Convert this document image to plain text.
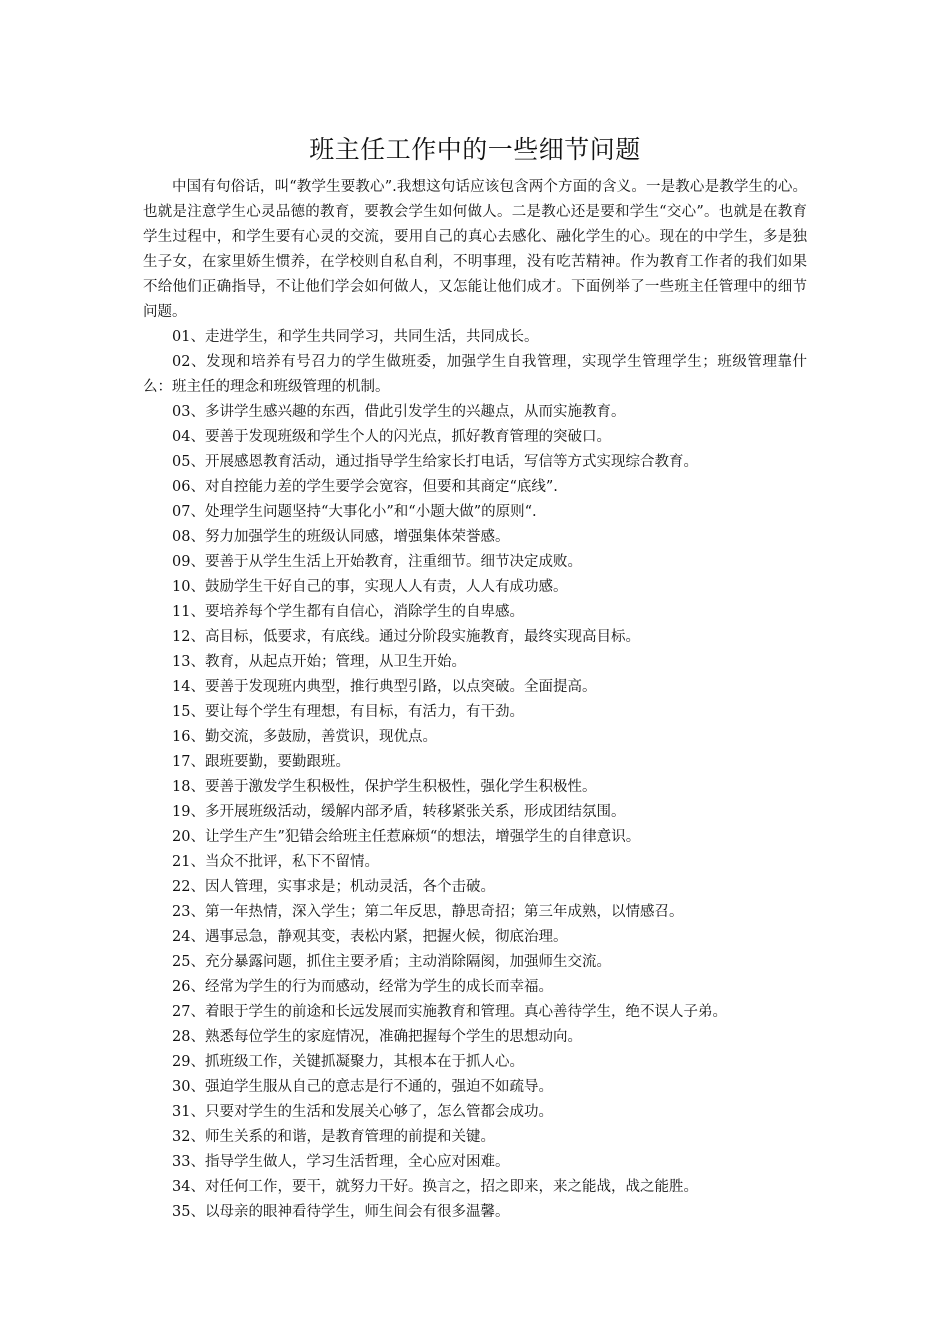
班主任工作中的一些细节问题

中国有句俗话，叫“教学生要教心”.我想这句话应该包含两个方面的含义。一是教心是教学生的心。也就是注意学生心灵品德的教育，要教会学生如何做人。二是教心还是要和学生“交心”。也就是在教育学生过程中，和学生要有心灵的交流，要用自己的真心去感化、融化学生的心。现在的中学生，多是独生子女，在家里娇生惯养，在学校则自私自利，不明事理，没有吃苦精神。作为教育工作者的我们如果不给他们正确指导，不让他们学会如何做人，又怎能让他们成才。下面例举了一些班主任管理中的细节问题。

01、走进学生，和学生共同学习，共同生活，共同成长。

02、发现和培养有号召力的学生做班委，加强学生自我管理，实现学生管理学生；班级管理靠什么：班主任的理念和班级管理的机制。

03、多讲学生感兴趣的东西，借此引发学生的兴趣点，从而实施教育。

04、要善于发现班级和学生个人的闪光点，抓好教育管理的突破口。

05、开展感恩教育活动，通过指导学生给家长打电话，写信等方式实现综合教育。

06、对自控能力差的学生要学会宽容，但要和其商定“底线”.

07、处理学生问题坚持“大事化小”和“小题大做”的原则“.

08、努力加强学生的班级认同感，增强集体荣誉感。

09、要善于从学生生活上开始教育，注重细节。细节决定成败。

10、鼓励学生干好自己的事，实现人人有责，人人有成功感。

11、要培养每个学生都有自信心，消除学生的自卑感。

12、高目标，低要求，有底线。通过分阶段实施教育，最终实现高目标。

13、教育，从起点开始；管理，从卫生开始。

14、要善于发现班内典型，推行典型引路，以点突破。全面提高。

15、要让每个学生有理想，有目标，有活力，有干劲。

16、勤交流，多鼓励，善赏识，现优点。

17、跟班要勤，要勤跟班。

18、要善于激发学生积极性，保护学生积极性，强化学生积极性。

19、多开展班级活动，缓解内部矛盾，转移紧张关系，形成团结氛围。

20、让学生产生”犯错会给班主任惹麻烦“的想法，增强学生的自律意识。

21、当众不批评，私下不留情。

22、因人管理，实事求是；机动灵活，各个击破。

23、第一年热情，深入学生；第二年反思，静思奇招；第三年成熟，以情感召。

24、遇事忌急，静观其变，表松内紧，把握火候，彻底治理。

25、充分暴露问题，抓住主要矛盾；主动消除隔阂，加强师生交流。

26、经常为学生的行为而感动，经常为学生的成长而幸福。

27、着眼于学生的前途和长远发展而实施教育和管理。真心善待学生，绝不误人子弟。

28、熟悉每位学生的家庭情况，准确把握每个学生的思想动向。

29、抓班级工作，关键抓凝聚力，其根本在于抓人心。

30、强迫学生服从自己的意志是行不通的，强迫不如疏导。

31、只要对学生的生活和发展关心够了，怎么管都会成功。

32、师生关系的和谐，是教育管理的前提和关键。

33、指导学生做人，学习生活哲理，全心应对困难。

34、对任何工作，要干，就努力干好。换言之，招之即来，来之能战，战之能胜。

35、以母亲的眼神看待学生，师生间会有很多温馨。
